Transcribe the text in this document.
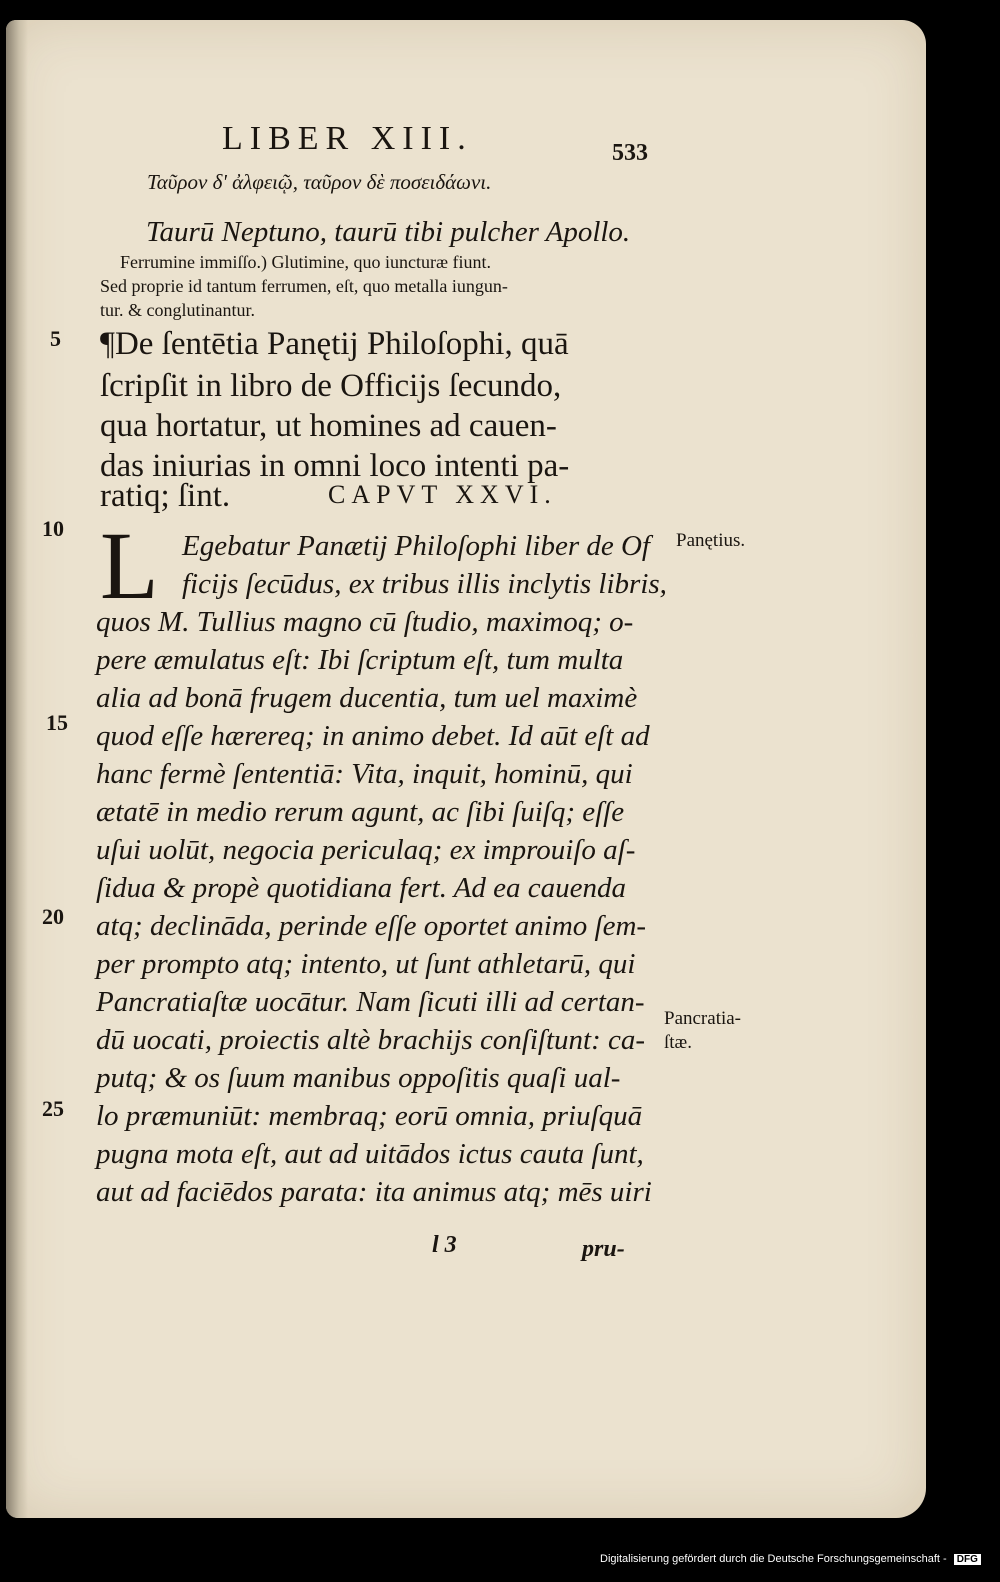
LIBER XIII.	533

Ταῦρον δ' ἀλφειῷ, ταῦρον δὲ ποσειδάωνι.

Taurū Neptuno, taurū tibi pulcher Apollo.

Ferrumine immiſſo.) Glutimine, quo iuncturæ fiunt.

Sed proprie id tantum ferrumen, eſt, quo metalla iungun-

tur. & conglutinantur.

5

10

15

20

25

¶De ſentētia Panętij Philoſophi, quā

ſcripſit in libro de Officijs ſecundo,

qua hortatur, ut homines ad cauen-

das iniurias in omni loco intenti pa-

ratiq; ſint.	CAPVT XXVI.

L Egebatur Panætij Philoſophi liber de Of

ficijs ſecūdus, ex tribus illis inclytis libris,

quos M. Tullius magno cū ſtudio, maximoq; o-

pere æmulatus eſt: Ibi ſcriptum eſt, tum multa

alia ad bonā frugem ducentia, tum uel maximè

quod eſſe hærereq; in animo debet. Id aūt eſt ad

hanc fermè ſententiā: Vita, inquit, hominū, qui

ætatē in medio rerum agunt, ac ſibi ſuiſq; eſſe

uſui uolūt, negocia periculaq; ex improuiſo aſ-

ſidua & propè quotidiana fert. Ad ea cauenda

atq; declinādа, perinde eſſe oportet animo ſem-

per prompto atq; intento, ut ſunt athletarū, qui

Pancratiaſtæ uocātur. Nam ſicuti illi ad certan-

dū uocati, proiectis altè brachijs conſiſtunt: ca-

putq; & os ſuum manibus oppoſitis quaſi ual-

lo præmuniūt: membraq; eorū omnia, priuſquā

pugna mota eſt, aut ad uitādos ictus cauta ſunt,

aut ad faciēdos parata: ita animus atq; mēs uiri

Panętius.

Pancratia-

ſtæ.

l 3	pru-

Digitalisierung gefördert durch die Deutsche Forschungsgemeinschaft - DFG
